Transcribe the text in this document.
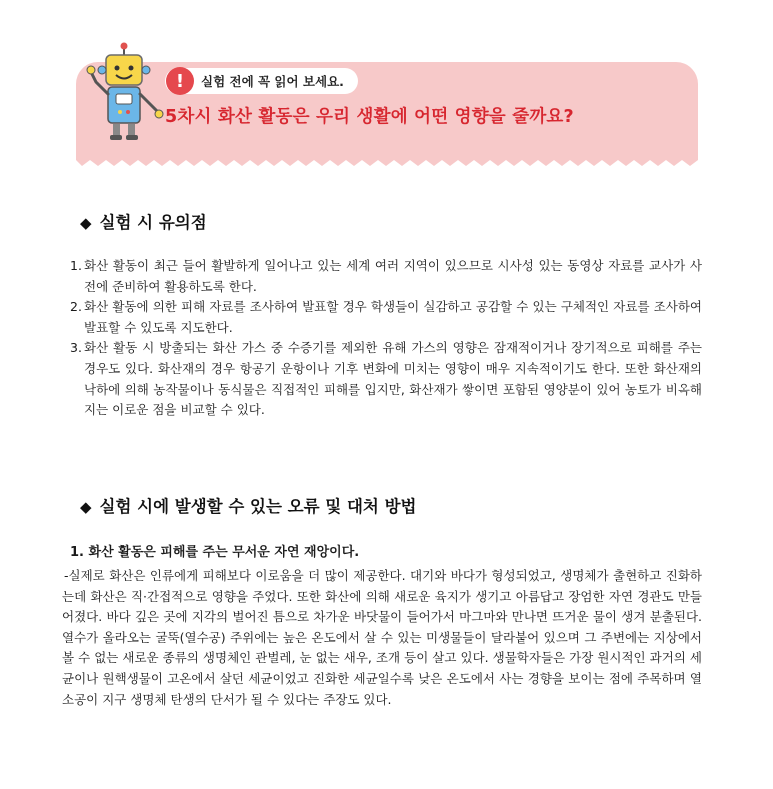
실험 전에 꼭 읽어 보세요.
!
5차시 화산 활동은 우리 생활에 어떤 영향을 줄까요?
◆ 실험 시 유의점
1. 화산 활동이 최근 들어 활발하게 일어나고 있는 세계 여러 지역이 있으므로 시사성 있는 동영상 자료를 교사가 사전에 준비하여 활용하도록 한다.
2. 화산 활동에 의한 피해 자료를 조사하여 발표할 경우 학생들이 실감하고 공감할 수 있는 구체적인 자료를 조사하여 발표할 수 있도록 지도한다.
3. 화산 활동 시 방출되는 화산 가스 중 수증기를 제외한 유해 가스의 영향은 잠재적이거나 장기적으로 피해를 주는 경우도 있다. 화산재의 경우 항공기 운항이나 기후 변화에 미치는 영향이 매우 지속적이기도 한다. 또한 화산재의 낙하에 의해 농작물이나 동식물은 직접적인 피해를 입지만, 화산재가 쌓이면 포함된 영양분이 있어 농토가 비옥해 지는 이로운 점을 비교할 수 있다.
◆ 실험 시에 발생할 수 있는 오류 및 대처 방법
1. 화산 활동은 피해를 주는 무서운 자연 재앙이다.

-실제로 화산은 인류에게 피해보다 이로움을 더 많이 제공한다. 대기와 바다가 형성되었고, 생명체가 출현하고 진화하는데 화산은 직·간접적으로 영향을 주었다. 또한 화산에 의해 새로운 육지가 생기고 아름답고 장엄한 자연 경관도 만들어졌다. 바다 깊은 곳에 지각의 벌어진 틈으로 차가운 바닷물이 들어가서 마그마와 만나면 뜨거운 물이 생겨 분출된다. 열수가 올라오는 굴뚝(열수공) 주위에는 높은 온도에서 살 수 있는 미생물들이 달라붙어 있으며 그 주변에는 지상에서 볼 수 없는 새로운 종류의 생명체인 관벌레, 눈 없는 새우, 조개 등이 살고 있다. 생물학자들은 가장 원시적인 과거의 세균이나 원핵생물이 고온에서 살던 세균이었고 진화한 세균일수록 낮은 온도에서 사는 경향을 보이는 점에 주목하며 열소공이 지구 생명체 탄생의 단서가 될 수 있다는 주장도 있다.
